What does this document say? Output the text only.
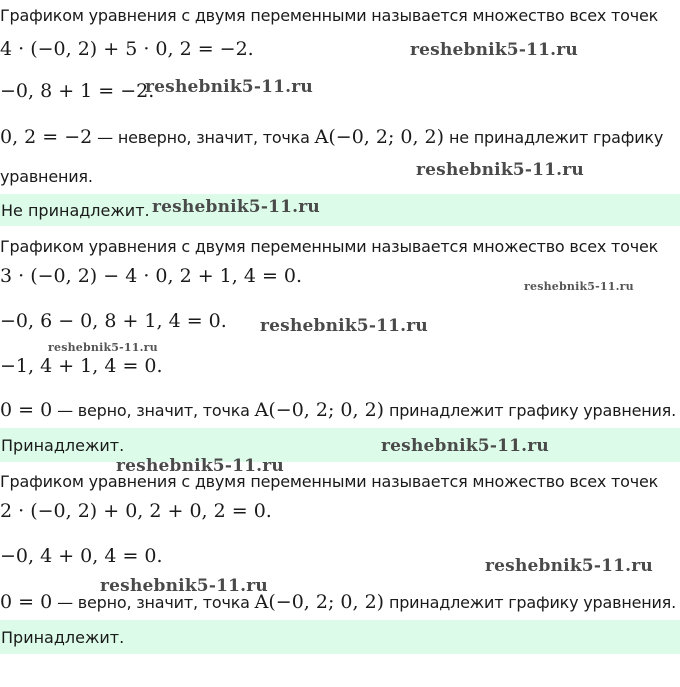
Графиком уравнения с двумя переменными называется множество всех точек
4 · (−0, 2) + 5 · 0, 2 = −2.
−0, 8 + 1 = −2.
0, 2 = −2 — неверно, значит, точка A(−0, 2; 0, 2) не принадлежит графику
уравнения.
Не принадлежит.
Графиком уравнения с двумя переменными называется множество всех точек
3 · (−0, 2) − 4 · 0, 2 + 1, 4 = 0.
−0, 6 − 0, 8 + 1, 4 = 0.
−1, 4 + 1, 4 = 0.
0 = 0 — верно, значит, точка A(−0, 2; 0, 2) принадлежит графику уравнения.
Принадлежит.
Графиком уравнения с двумя переменными называется множество всех точек
2 · (−0, 2) + 0, 2 + 0, 2 = 0.
−0, 4 + 0, 4 = 0.
0 = 0 — верно, значит, точка A(−0, 2; 0, 2) принадлежит графику уравнения.
Принадлежит.
reshebnik5-11.ru
reshebnik5-11.ru
reshebnik5-11.ru
reshebnik5-11.ru
reshebnik5-11.ru
reshebnik5-11.ru
reshebnik5-11.ru
reshebnik5-11.ru
reshebnik5-11.ru
reshebnik5-11.ru
reshebnik5-11.ru
